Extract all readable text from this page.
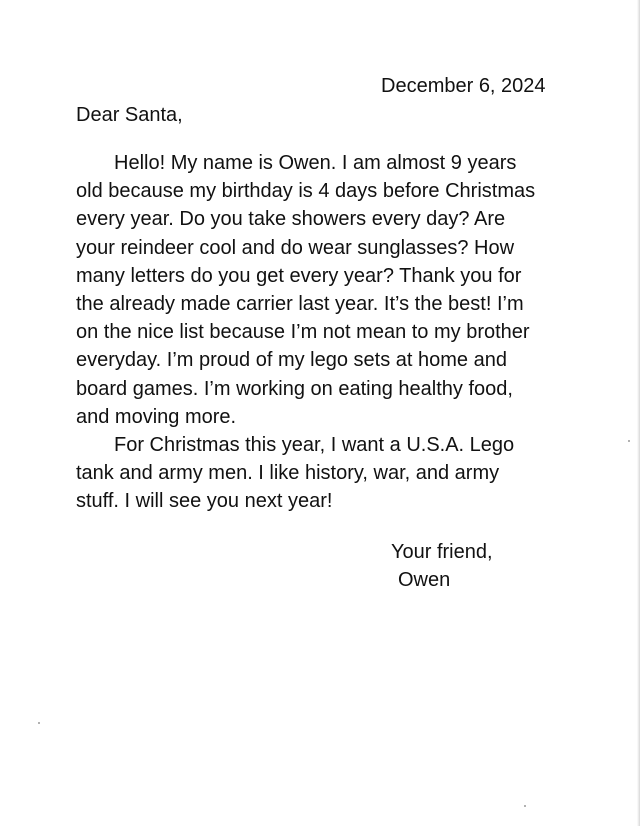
December 6, 2024
Dear Santa,
Hello! My name is Owen. I am almost 9 years
old because my birthday is 4 days before Christmas
every year. Do you take showers every day? Are
your reindeer cool and do wear sunglasses? How
many letters do you get every year? Thank you for
the already made carrier last year. It’s the best! I’m
on the nice list because I’m not mean to my brother
everyday. I’m proud of my lego sets at home and
board games. I’m working on eating healthy food,
and moving more.
For Christmas this year, I want a U.S.A. Lego
tank and army men. I like history, war, and army
stuff. I will see you next year!
Your friend,
Owen
